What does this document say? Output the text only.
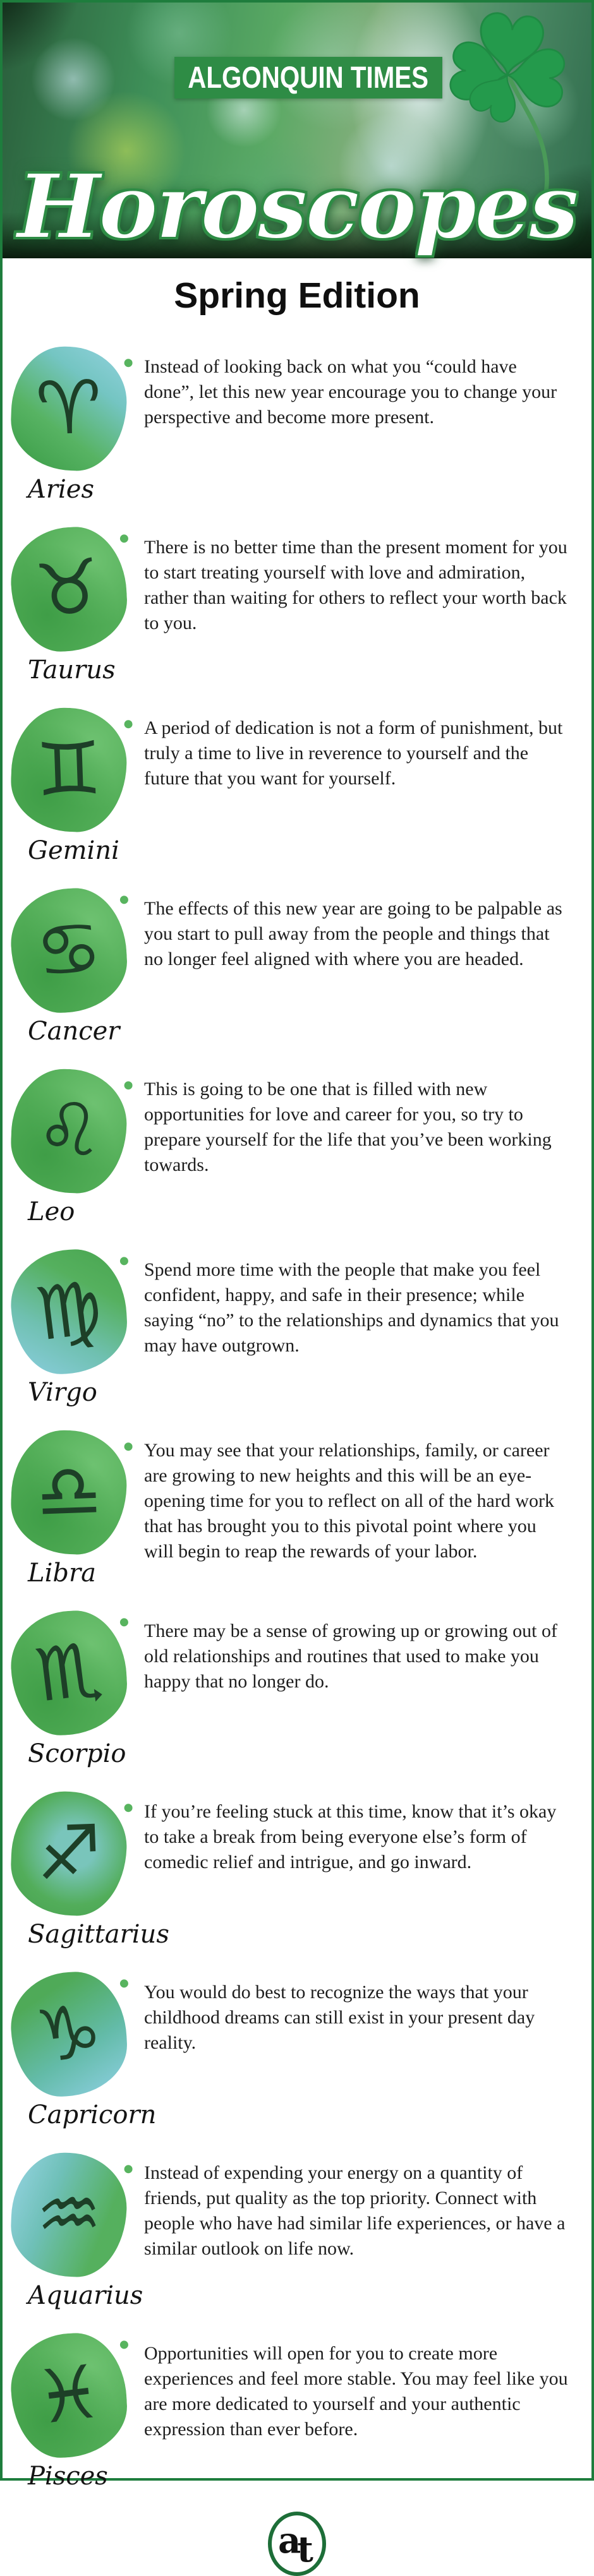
ALGONQUIN TIMES
Horoscopes
Spring Edition
♈
Aries

Instead of looking back on what you “could have done”, let this new year encourage you to change your perspective and become more present.

♉
Taurus

There is no better time than the present moment for you to start treating yourself with love and admiration, rather than waiting for others to reflect your worth back to you.

♊
Gemini

A period of dedication is not a form of punishment, but truly a time to live in reverence to yourself and the future that you want for yourself.

♋
Cancer

The effects of this new year are going to be palpable as you start to pull away from the people and things that no longer feel aligned with where you are headed.

♌
Leo

This is going to be one that is filled with new opportunities for love and career for you, so try to prepare yourself for the life that you’ve been working towards.

♍
Virgo

Spend more time with the people that make you feel confident, happy, and safe in their presence; while saying “no” to the relationships and dynamics that you may have outgrown.

♎
Libra

You may see that your relationships, family, or career are growing to new heights and this will be an eye-opening time for you to reflect on all of the hard work that has brought you to this pivotal point where you will begin to reap the rewards of your labor.

♏
Scorpio

There may be a sense of growing up or growing out of old relationships and routines that used to make you happy that no longer do.

♐
Sagittarius

If you’re feeling stuck at this time, know that it’s okay to take a break from being everyone else’s form of comedic relief and intrigue, and go inward.

♑
Capricorn

You would do best to recognize the ways that your childhood dreams can still exist in your present day reality.

♒
Aquarius

Instead of expending your energy on a quantity of friends, put quality as the top priority. Connect with people who have had similar life experiences, or have a similar outlook on life now.

♓
Pisces

Opportunities will open for you to create more experiences and feel more stable. You may feel like you are more dedicated to yourself and your authentic expression than ever before.

a
t
